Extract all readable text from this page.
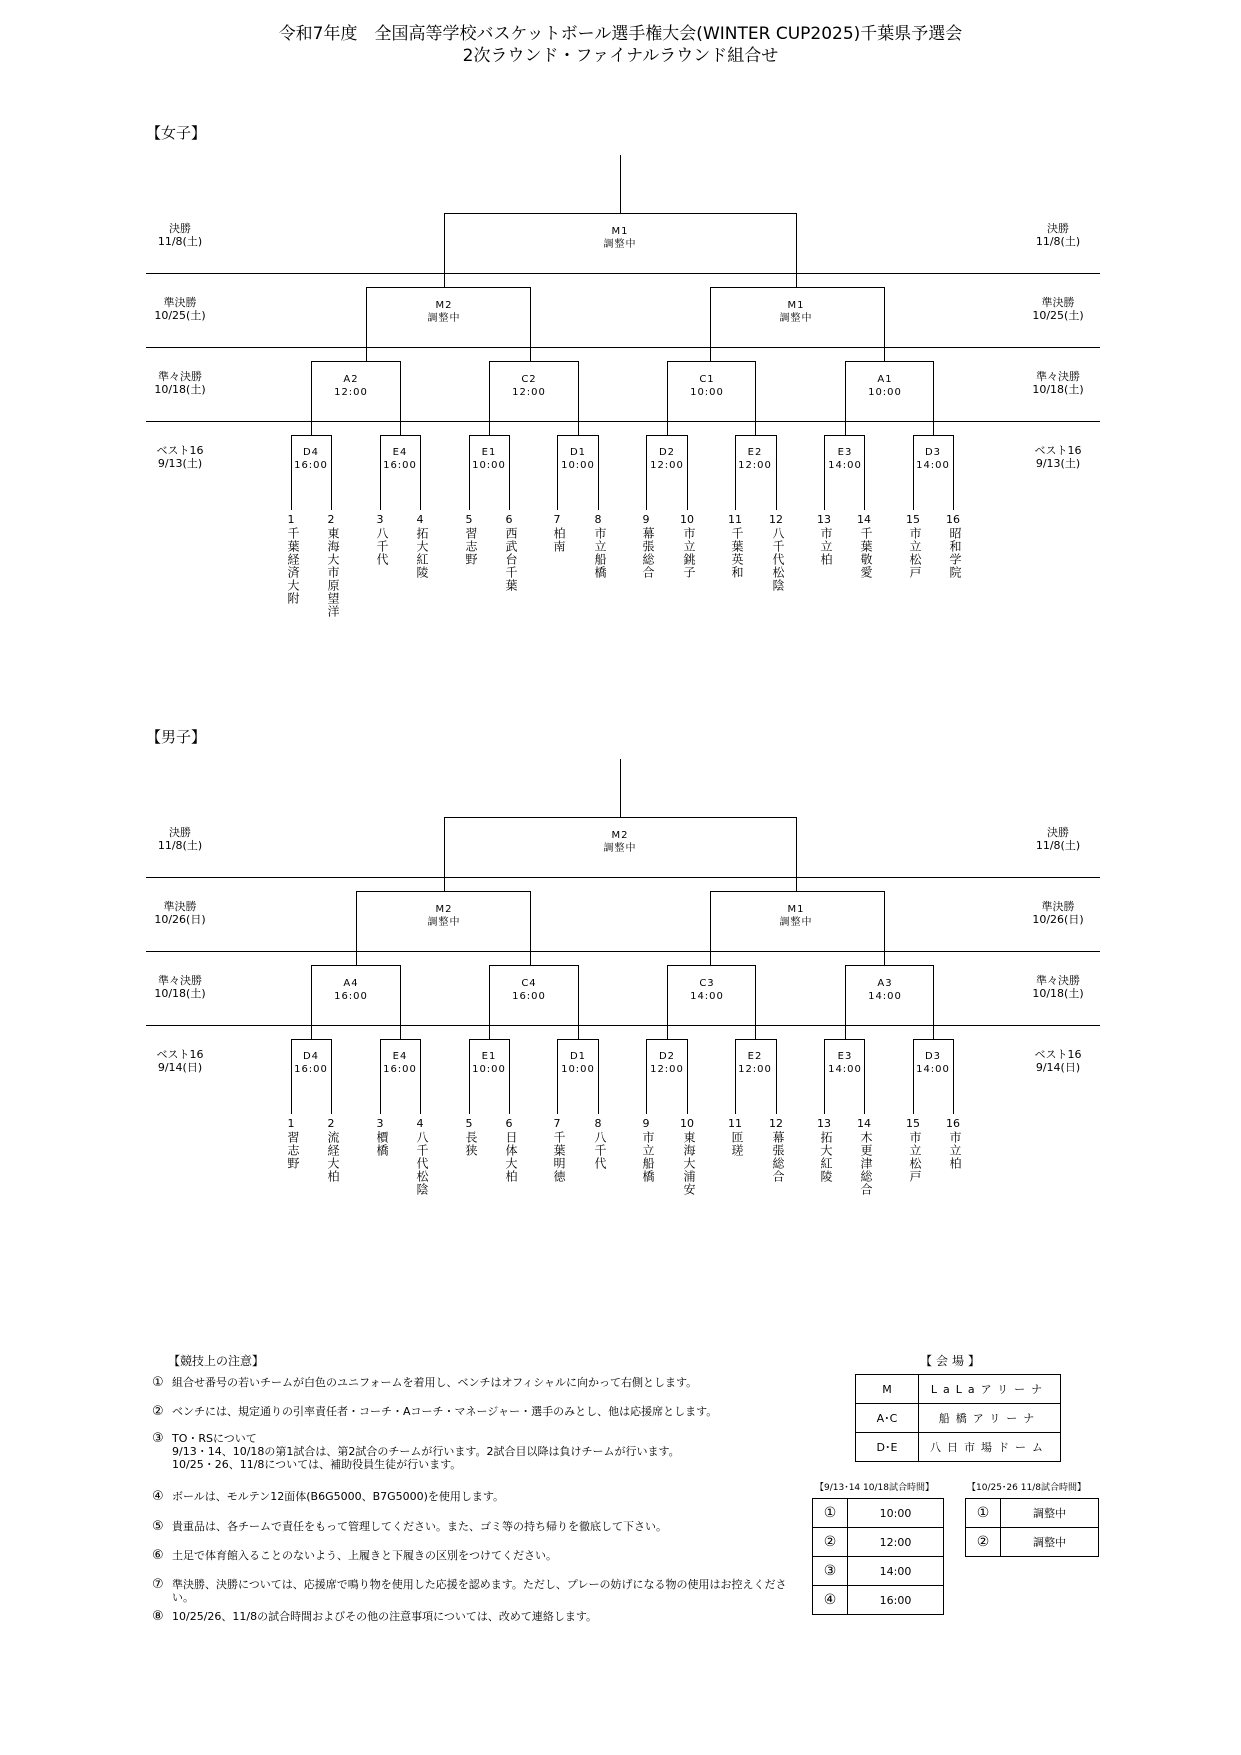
令和7年度　全国高等学校バスケットボール選手権大会(WINTER CUP2025)千葉県予選会
2次ラウンド・ファイナルラウンド組合せ
【女子】
決勝
11/8(土)
決勝
11/8(土)
準決勝
10/25(土)
準決勝
10/25(土)
準々決勝
10/18(土)
準々決勝
10/18(土)
ベスト16
9/13(土)
ベスト16
9/13(土)
M1
調整中
M2
調整中
M1
調整中
A2
12:00
C2
12:00
C1
10:00
A1
10:00
D4
16:00
E4
16:00
E1
10:00
D1
10:00
D2
12:00
E2
12:00
E3
14:00
D3
14:00
1
千葉経済大附
2
東海大市原望洋
3
八千代
4
拓大紅陵
5
習志野
6
西武台千葉
7
柏南
8
市立船橋
9
幕張総合
10
市立銚子
11
千葉英和
12
八千代松陰
13
市立柏
14
千葉敬愛
15
市立松戸
16
昭和学院
【男子】
決勝
11/8(土)
決勝
11/8(土)
準決勝
10/26(日)
準決勝
10/26(日)
準々決勝
10/18(土)
準々決勝
10/18(土)
ベスト16
9/14(日)
ベスト16
9/14(日)
M2
調整中
M2
調整中
M1
調整中
A4
16:00
C4
16:00
C3
14:00
A3
14:00
D4
16:00
E4
16:00
E1
10:00
D1
10:00
D2
12:00
E2
12:00
E3
14:00
D3
14:00
1
習志野
2
流経大柏
3
檟橋
4
八千代松陰
5
長狭
6
日体大柏
7
千葉明徳
8
八千代
9
市立船橋
10
東海大浦安
11
匝瑳
12
幕張総合
13
拓大紅陵
14
木更津総合
15
市立松戸
16
市立柏
【競技上の注意】
① 組合せ番号の若いチームが白色のユニフォームを着用し、ベンチはオフィシャルに向かって右側とします。
② ベンチには、規定通りの引率責任者・コーチ・Aコーチ・マネージャー・選手のみとし、他は応援席とします。
③ TO・RSについて
9/13・14、10/18の第1試合は、第2試合のチームが行います。2試合目以降は負けチームが行います。
10/25・26、11/8については、補助役員生徒が行います。
④ ボールは、モルテン12面体(B6G5000、B7G5000)を使用します。
⑤ 貴重品は、各チームで責任をもって管理してください。また、ゴミ等の持ち帰りを徹底して下さい。
⑥ 土足で体育館入ることのないよう、上履きと下履きの区別をつけてください。
⑦ 準決勝、決勝については、応援席で鳴り物を使用した応援を認めます。ただし、プレーの妨げになる物の使用はお控えください。
⑧ 10/25/26、11/8の試合時間およびその他の注意事項については、改めて連絡します。
【会場】
M	LaLaアリーナ
A･C	船橋アリーナ
D･E	八日市場ドーム
【9/13･14 10/18試合時間】
①	10:00
②	12:00
③	14:00
④	16:00
【10/25･26 11/8試合時間】
①	調整中
②	調整中
